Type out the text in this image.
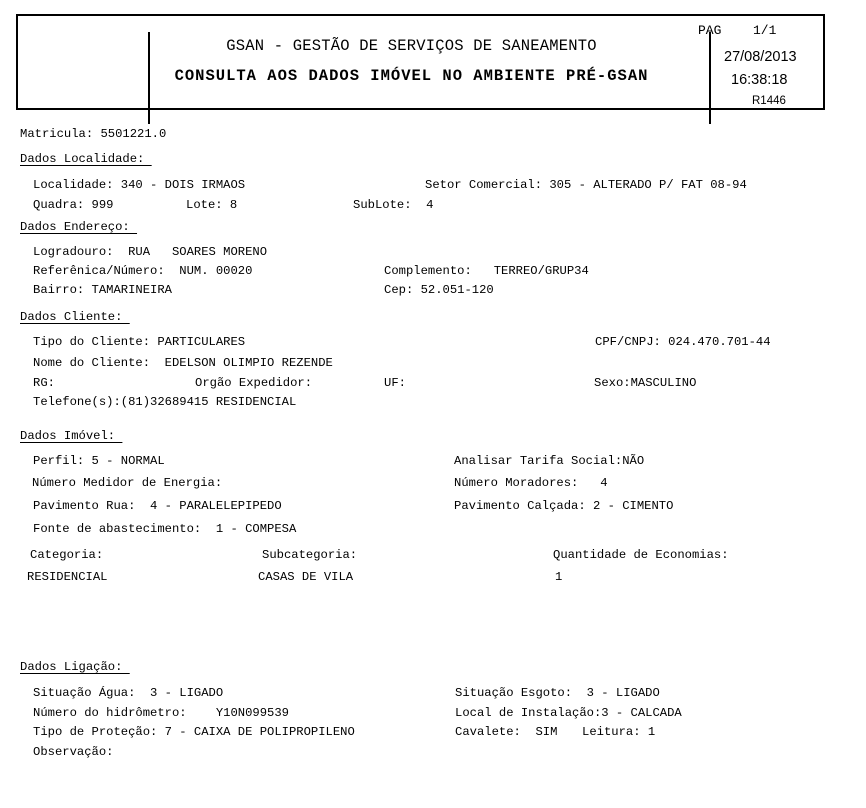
GSAN - GESTÃO DE SERVIÇOS DE SANEAMENTO
CONSULTA AOS DADOS IMÓVEL NO AMBIENTE PRÉ-GSAN
PAG 1/1
27/08/2013
16:38:18
R1446
Matricula: 5501221.0
Dados Localidade:
Localidade: 340 - DOIS IRMAOS	Setor Comercial: 305 - ALTERADO P/ FAT 08-94
Quadra: 999	Lote: 8	SubLote:  4
Dados Endereço:
Logradouro:  RUA   SOARES MORENO
Referênica/Número:  NUM. 00020	Complemento:   TERREO/GRUP34
Bairro: TAMARINEIRA	Cep: 52.051-120
Dados Cliente:
Tipo do Cliente: PARTICULARES	CPF/CNPJ: 024.470.701-44
Nome do Cliente:  EDELSON OLIMPIO REZENDE
RG:	Orgão Expedidor:	UF:	Sexo:MASCULINO
Telefone(s):(81)32689415 RESIDENCIAL
Dados Imóvel:
Perfil: 5 - NORMAL	Analisar Tarifa Social:NÃO
Número Medidor de Energia:	Número Moradores:   4
Pavimento Rua:  4 - PARALELEPIPEDO	Pavimento Calçada: 2 - CIMENTO
Fonte de abastecimento:  1 - COMPESA
Categoria:	Subcategoria:	Quantidade de Economias:
RESIDENCIAL	CASAS DE VILA	1
Dados Ligação:
Situação Água:  3 - LIGADO	Situação Esgoto:  3 - LIGADO
Número do hidrômetro:    Y10N099539	Local de Instalação:3 - CALCADA
Tipo de Proteção: 7 - CAIXA DE POLIPROPILENO	Cavalete:  SIM Leitura: 1
Observação:
